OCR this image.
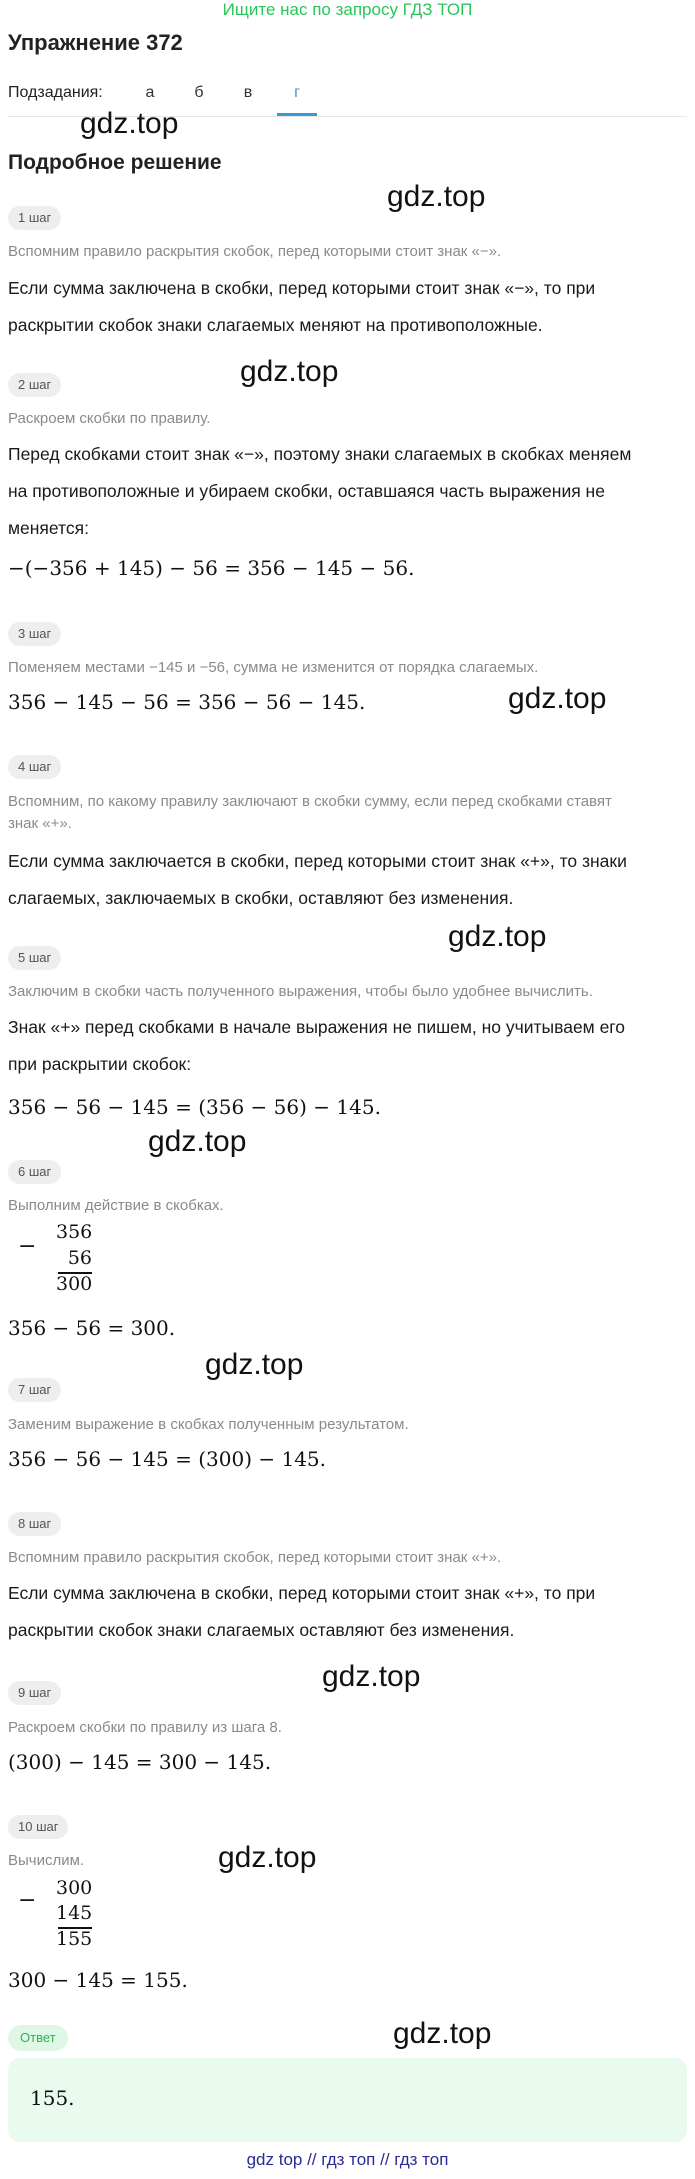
Ищите нас по запросу ГДЗ ТОП
Упражнение 372
Подзадания:	а	б	в	г
gdz.top
Подробное решение
gdz.top
1 шаг
Вспомним правило раскрытия скобок, перед которыми стоит знак «−».
Если сумма заключена в скобки, перед которыми стоит знак «−», то при
раскрытии скобок знаки слагаемых меняют на противоположные.
gdz.top
2 шаг
Раскроем скобки по правилу.
Перед скобками стоит знак «−», поэтому знаки слагаемых в скобках меняем
на противоположные и убираем скобки, оставшаяся часть выражения не
меняется:
−(−356 + 145) − 56 = 356 − 145 − 56.
3 шаг
Поменяем местами −145 и −56, сумма не изменится от порядка слагаемых.
gdz.top
356 − 145 − 56 = 356 − 56 − 145.
4 шаг
Вспомним, по какому правилу заключают в скобки сумму, если перед скобками ставят
знак «+».
Если сумма заключается в скобки, перед которыми стоит знак «+», то знаки
слагаемых, заключаемых в скобки, оставляют без изменения.
gdz.top
5 шаг
Заключим в скобки часть полученного выражения, чтобы было удобнее вычислить.
Знак «+» перед скобками в начале выражения не пишем, но учитываем его
при раскрытии скобок:
356 − 56 − 145 = (356 − 56) − 145.
gdz.top
6 шаг
Выполним действие в скобках.
−
356
56
300
356 − 56 = 300.
gdz.top
7 шаг
Заменим выражение в скобках полученным результатом.
356 − 56 − 145 = (300) − 145.
8 шаг
Вспомним правило раскрытия скобок, перед которыми стоит знак «+».
Если сумма заключена в скобки, перед которыми стоит знак «+», то при
раскрытии скобок знаки слагаемых оставляют без изменения.
gdz.top
9 шаг
Раскроем скобки по правилу из шага 8.
(300) − 145 = 300 − 145.
gdz.top
10 шаг
Вычислим.
− 300
145
155
300 − 145 = 155.
gdz.top
Ответ
155.
gdz top // гдз топ // гдз топ
